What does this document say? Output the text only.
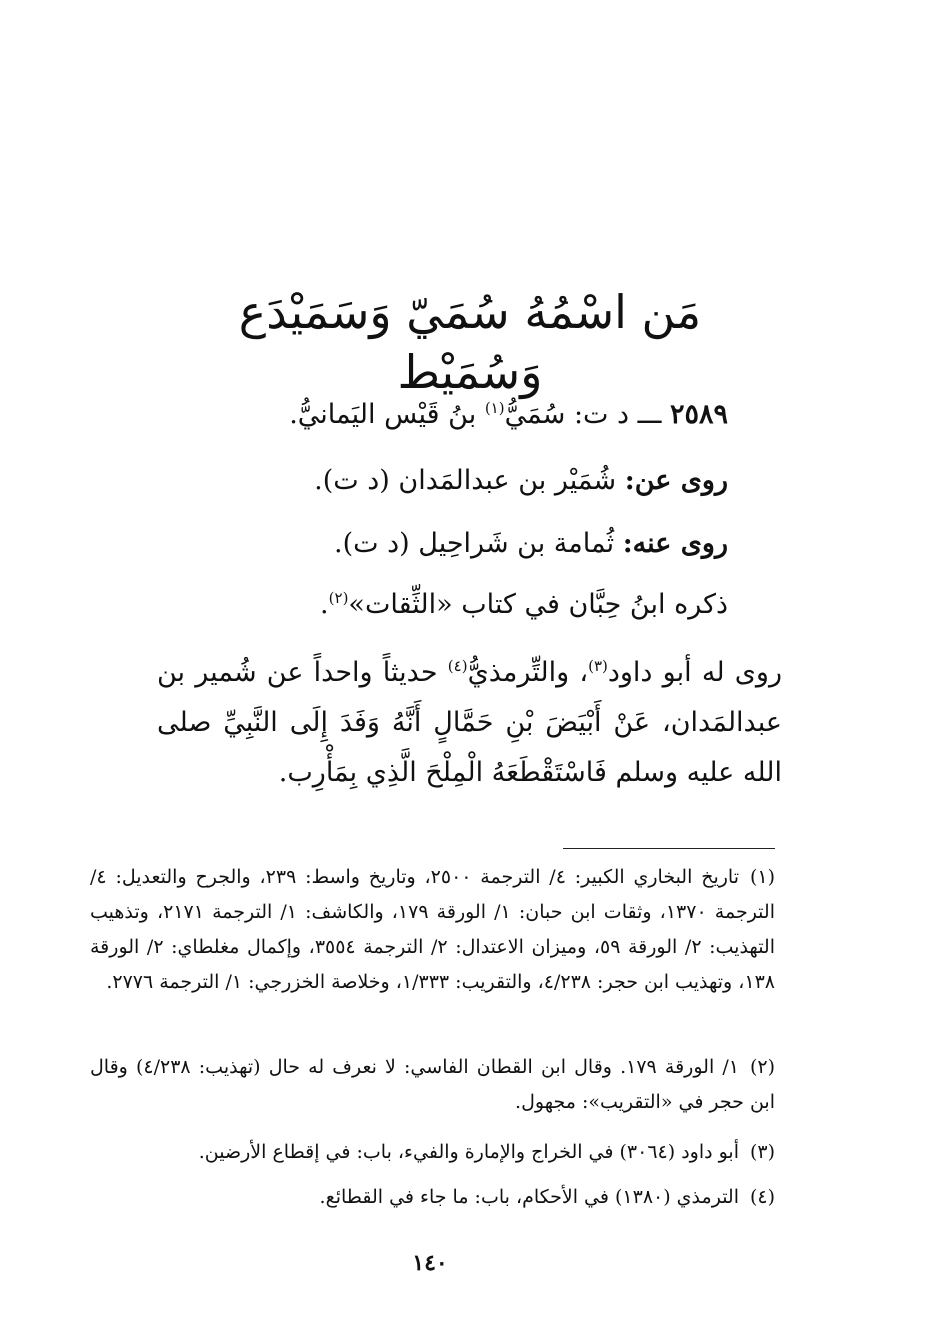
مَن اسْمُهُ سُمَيّ وَسَمَيْدَع وَسُمَيْط
٢٥٨٩ ـــ د ت: سُمَيُّ$^{(١)}$ بنُ قَيْس اليَمانيُّ.
روى عن: شُمَيْر بن عبدالمَدان (د ت).
روى عنه: ثُمامة بن شَراحِيل (د ت).
ذكره ابنُ حِبَّان في كتاب «الثِّقات»$^{(٢)}$.
روى له أبو داود$^{(٣)}$، والتِّرمذيُّ$^{(٤)}$ حديثاً واحداً عن شُمير بن عبدالمَدان، عَنْ أَبْيَضَ بْنِ حَمَّالٍ أَنَّهُ وَفَدَ إِلَى النَّبِيِّ صلى الله عليه وسلم فَاسْتَقْطَعَهُ الْمِلْحَ الَّذِي بِمَأْرِب.
(١)تاريخ البخاري الكبير: ٤/ الترجمة ٢٥٠٠، وتاريخ واسط: ٢٣٩، والجرح والتعديل: ٤/ الترجمة ١٣٧٠، وثقات ابن حبان: ١/ الورقة ١٧٩، والكاشف: ١/ الترجمة ٢١٧١، وتذهيب التهذيب: ٢/ الورقة ٥٩، وميزان الاعتدال: ٢/ الترجمة ٣٥٥٤، وإكمال مغلطاي: ٢/ الورقة ١٣٨، وتهذيب ابن حجر: ٤/٢٣٨، والتقريب: ١/٣٣٣، وخلاصة الخزرجي: ١/ الترجمة ٢٧٧٦.
(٢)١/ الورقة ١٧٩. وقال ابن القطان الفاسي: لا نعرف له حال (تهذيب: ٤/٢٣٨) وقال ابن حجر في «التقريب»: مجهول.
(٣)أبو داود (٣٠٦٤) في الخراج والإمارة والفيء، باب: في إقطاع الأرضين.
(٤)الترمذي (١٣٨٠) في الأحكام، باب: ما جاء في القطائع.
١٤٠
